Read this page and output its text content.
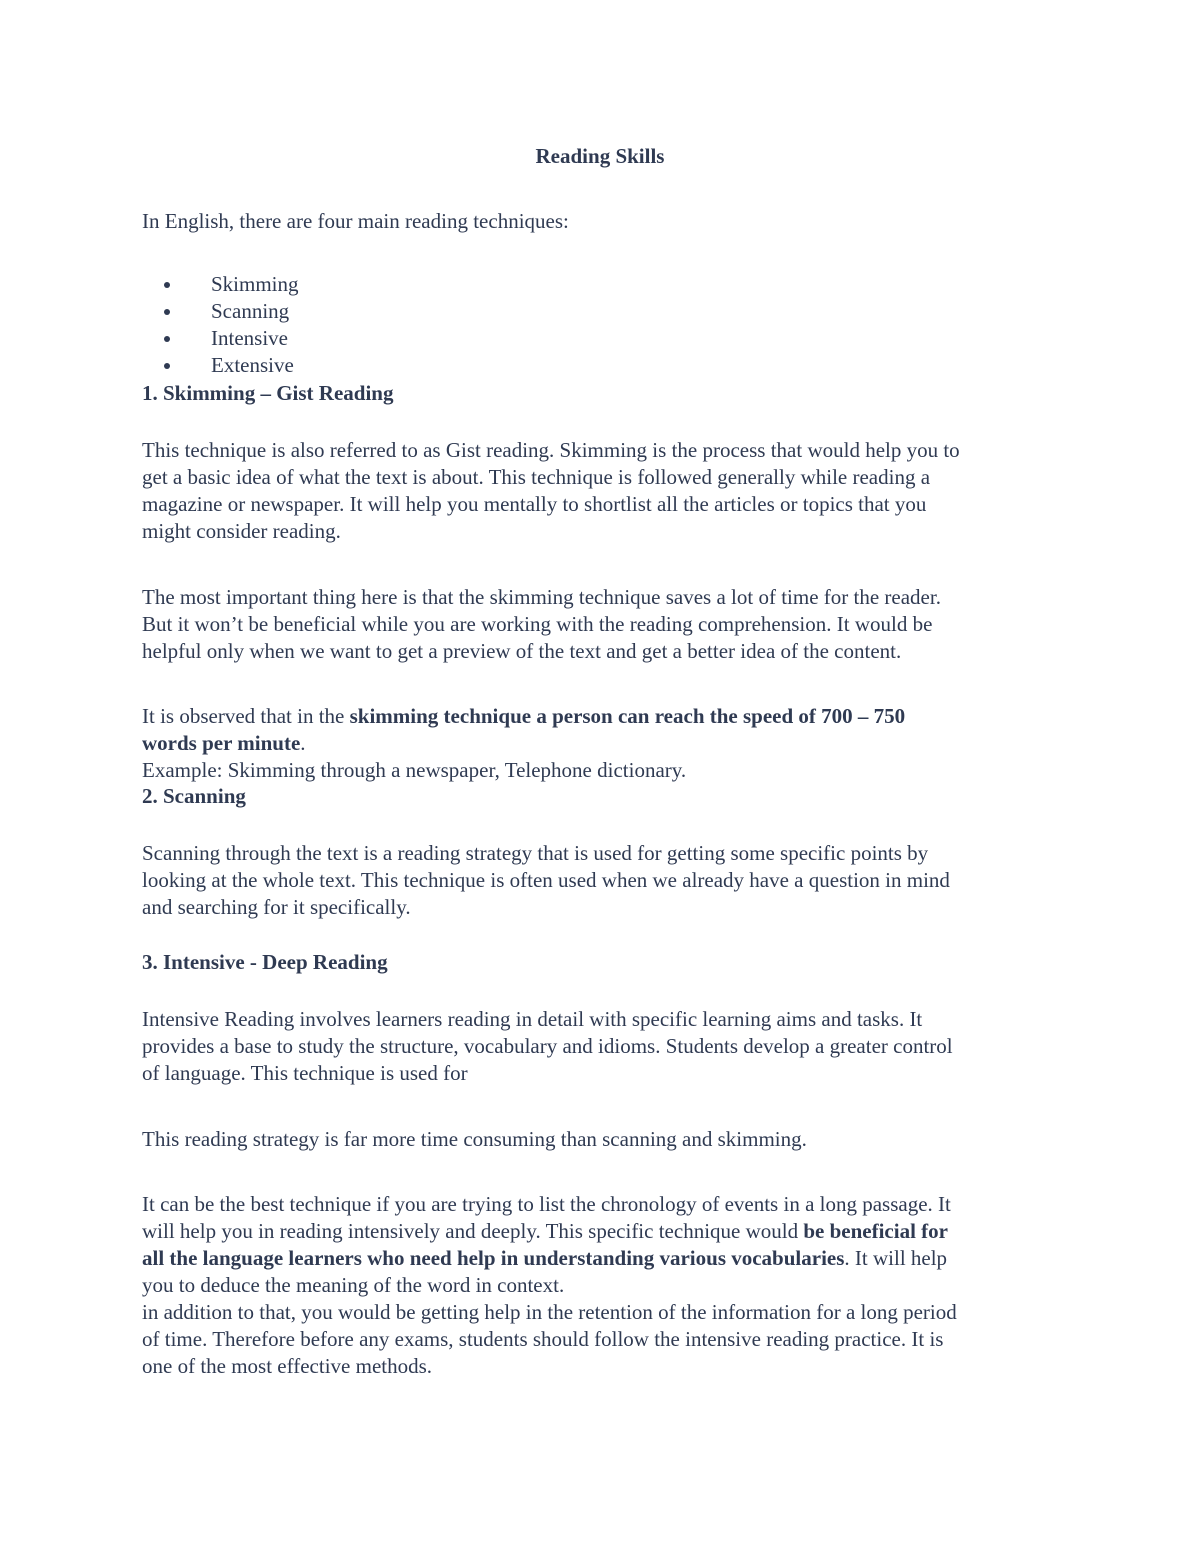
Reading Skills

In English, there are four main reading techniques:

Skimming
Scanning
Intensive
Extensive

1. Skimming – Gist Reading

This technique is also referred to as Gist reading. Skimming is the process that would help you to
get a basic idea of what the text is about. This technique is followed generally while reading a
magazine or newspaper. It will help you mentally to shortlist all the articles or topics that you
might consider reading.

The most important thing here is that the skimming technique saves a lot of time for the reader.
But it won’t be beneficial while you are working with the reading comprehension. It would be
helpful only when we want to get a preview of the text and get a better idea of the content.

It is observed that in the skimming technique a person can reach the speed of 700 – 750
words per minute.
Example: Skimming through a newspaper, Telephone dictionary.

2. Scanning

Scanning through the text is a reading strategy that is used for getting some specific points by
looking at the whole text. This technique is often used when we already have a question in mind
and searching for it specifically.

3. Intensive - Deep Reading

Intensive Reading involves learners reading in detail with specific learning aims and tasks. It
provides a base to study the structure, vocabulary and idioms. Students develop a greater control
of language. This technique is used for

This reading strategy is far more time consuming than scanning and skimming.

It can be the best technique if you are trying to list the chronology of events in a long passage. It
will help you in reading intensively and deeply. This specific technique would be beneficial for
all the language learners who need help in understanding various vocabularies. It will help
you to deduce the meaning of the word in context.

in addition to that, you would be getting help in the retention of the information for a long period
of time. Therefore before any exams, students should follow the intensive reading practice. It is
one of the most effective methods.
